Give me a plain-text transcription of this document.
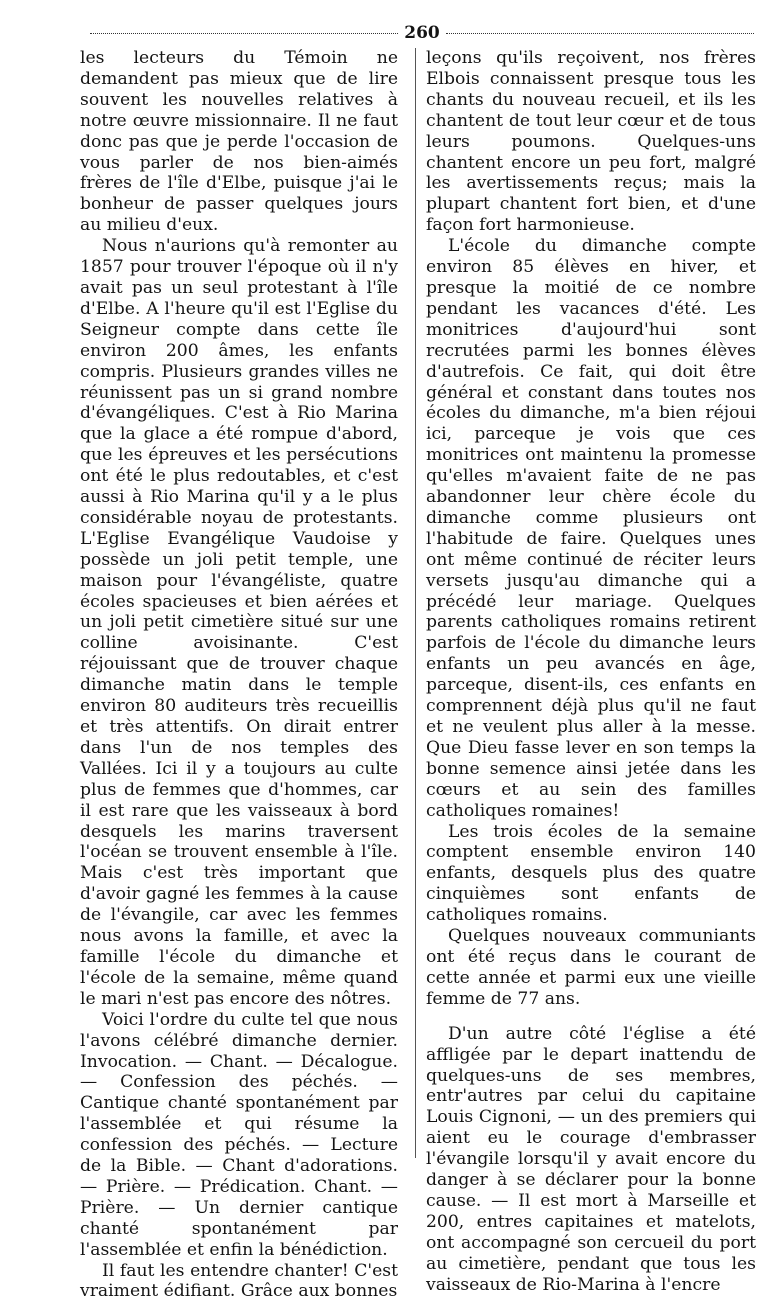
260

les lecteurs du Témoin ne demandent pas mieux que de lire souvent les nouvelles relatives à notre œuvre missionnaire. Il ne faut donc pas que je perde l'occasion de vous parler de nos bien-aimés frères de l'île d'Elbe, puisque j'ai le bonheur de passer quelques jours au milieu d'eux.

Nous n'aurions qu'à remonter au 1857 pour trouver l'époque où il n'y avait pas un seul protestant à l'île d'Elbe. A l'heure qu'il est l'Eglise du Seigneur compte dans cette île environ 200 âmes, les enfants compris. Plusieurs grandes villes ne réunissent pas un si grand nombre d'évangéliques. C'est à Rio Marina que la glace a été rompue d'abord, que les épreuves et les persécutions ont été le plus redoutables, et c'est aussi à Rio Marina qu'il y a le plus considérable noyau de protestants. L'Eglise Evangélique Vaudoise y possède un joli petit temple, une maison pour l'évangéliste, quatre écoles spacieuses et bien aérées et un joli petit cimetière situé sur une colline avoisinante. C'est réjouissant que de trouver chaque dimanche matin dans le temple environ 80 auditeurs très recueillis et très attentifs. On dirait entrer dans l'un de nos temples des Vallées. Ici il y a toujours au culte plus de femmes que d'hommes, car il est rare que les vaisseaux à bord desquels les marins traversent l'océan se trouvent ensemble à l'île. Mais c'est très important que d'avoir gagné les femmes à la cause de l'évangile, car avec les femmes nous avons la famille, et avec la famille l'école du dimanche et l'école de la semaine, même quand le mari n'est pas encore des nôtres.

Voici l'ordre du culte tel que nous l'avons célébré dimanche dernier. Invocation. — Chant. — Décalogue. — Confession des péchés. — Cantique chanté spontanément par l'assemblée et qui résume la confession des péchés. — Lecture de la Bible. — Chant d'adorations. — Prière. — Prédication. Chant. — Prière. — Un dernier cantique chanté spontanément par l'assemblée et enfin la bénédiction.

Il faut les entendre chanter! C'est vraiment édifiant. Grâce aux bonnes

leçons qu'ils reçoivent, nos frères Elbois connaissent presque tous les chants du nouveau recueil, et ils les chantent de tout leur cœur et de tous leurs poumons. Quelques-uns chantent encore un peu fort, malgré les avertissements reçus; mais la plupart chantent fort bien, et d'une façon fort harmonieuse.

L'école du dimanche compte environ 85 élèves en hiver, et presque la moitié de ce nombre pendant les vacances d'été. Les monitrices d'aujourd'hui sont recrutées parmi les bonnes élèves d'autrefois. Ce fait, qui doit être général et constant dans toutes nos écoles du dimanche, m'a bien réjoui ici, parceque je vois que ces monitrices ont maintenu la promesse qu'elles m'avaient faite de ne pas abandonner leur chère école du dimanche comme plusieurs ont l'habitude de faire. Quelques unes ont même continué de réciter leurs versets jusqu'au dimanche qui a précédé leur mariage. Quelques parents catholiques romains retirent parfois de l'école du dimanche leurs enfants un peu avancés en âge, parceque, disent-ils, ces enfants en comprennent déjà plus qu'il ne faut et ne veulent plus aller à la messe. Que Dieu fasse lever en son temps la bonne semence ainsi jetée dans les cœurs et au sein des familles catholiques romaines!

Les trois écoles de la semaine comptent ensemble environ 140 enfants, desquels plus des quatre cinquièmes sont enfants de catholiques romains.

Quelques nouveaux communiants ont été reçus dans le courant de cette année et parmi eux une vieille femme de 77 ans.

D'un autre côté l'église a été affligée par le depart inattendu de quelques-uns de ses membres, entr'autres par celui du capitaine Louis Cignoni, — un des premiers qui aient eu le courage d'embrasser l'évangile lorsqu'il y avait encore du danger à se déclarer pour la bonne cause. — Il est mort à Marseille et 200, entres capitaines et matelots, ont accompagné son cercueil du port au cimetière, pendant que tous les vaisseaux de Rio-Marina à l'encre
